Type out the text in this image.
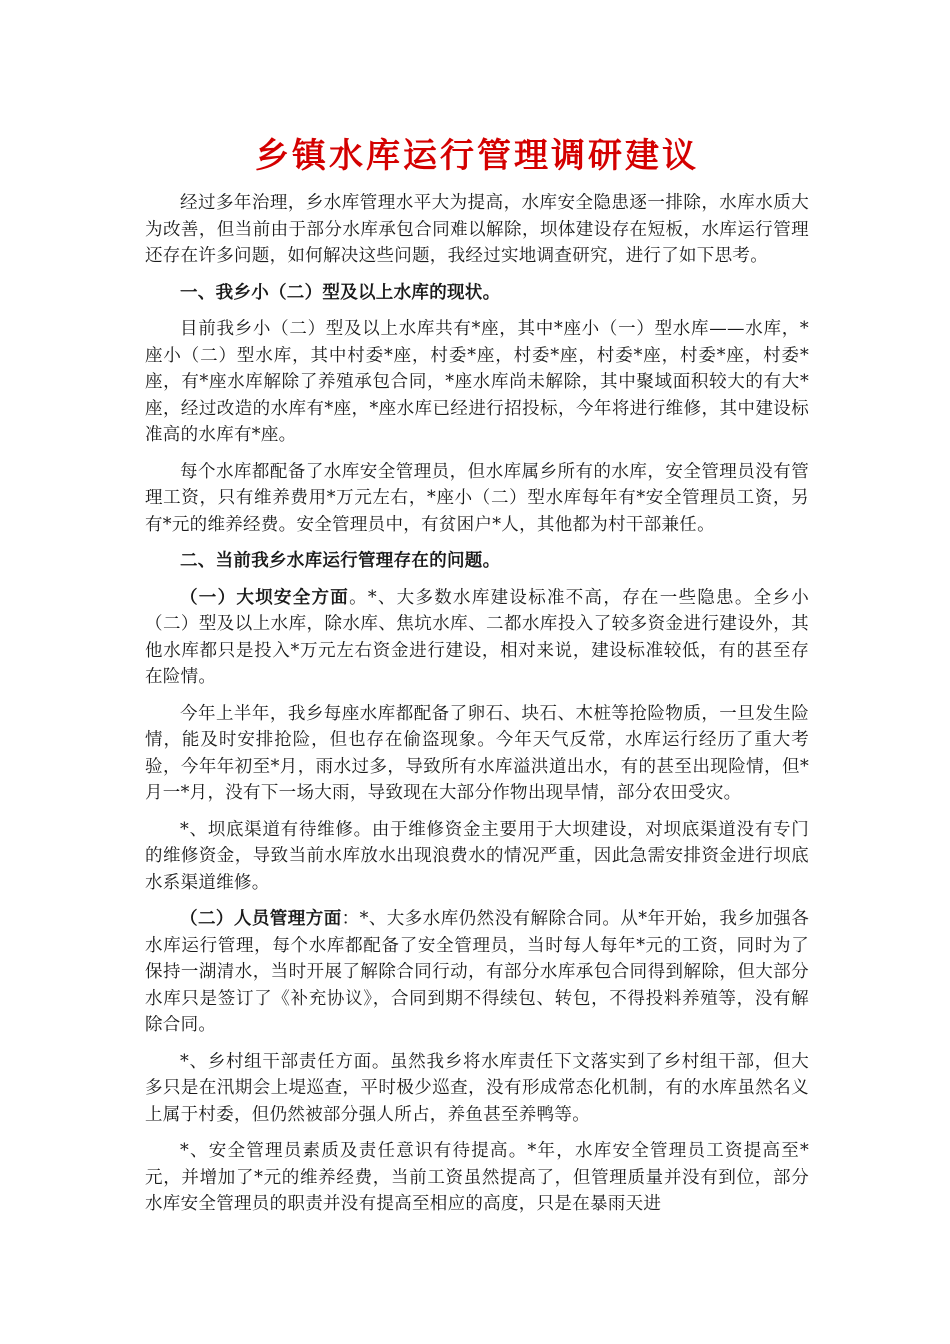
乡镇水库运行管理调研建议

经过多年治理，乡水库管理水平大为提高，水库安全隐患逐一排除，水库水质大为改善，但当前由于部分水库承包合同难以解除，坝体建设存在短板，水库运行管理还存在许多问题，如何解决这些问题，我经过实地调查研究，进行了如下思考。

一、我乡小（二）型及以上水库的现状。

目前我乡小（二）型及以上水库共有*座，其中*座小（一）型水库——水库，*座小（二）型水库，其中村委*座，村委*座，村委*座，村委*座，村委*座，村委*座，有*座水库解除了养殖承包合同，*座水库尚未解除，其中聚域面积较大的有大*座，经过改造的水库有*座，*座水库已经进行招投标，今年将进行维修，其中建设标准高的水库有*座。

每个水库都配备了水库安全管理员，但水库属乡所有的水库，安全管理员没有管理工资，只有维养费用*万元左右，*座小（二）型水库每年有*安全管理员工资，另有*元的维养经费。安全管理员中，有贫困户*人，其他都为村干部兼任。

二、当前我乡水库运行管理存在的问题。

（一）大坝安全方面。*、大多数水库建设标准不高，存在一些隐患。全乡小（二）型及以上水库，除水库、焦坑水库、二都水库投入了较多资金进行建设外，其他水库都只是投入*万元左右资金进行建设，相对来说，建设标准较低，有的甚至存在险情。

今年上半年，我乡每座水库都配备了卵石、块石、木桩等抢险物质，一旦发生险情，能及时安排抢险，但也存在偷盗现象。今年天气反常，水库运行经历了重大考验，今年年初至*月，雨水过多，导致所有水库溢洪道出水，有的甚至出现险情，但*月一*月，没有下一场大雨，导致现在大部分作物出现旱情，部分农田受灾。

*、坝底渠道有待维修。由于维修资金主要用于大坝建设，对坝底渠道没有专门的维修资金，导致当前水库放水出现浪费水的情况严重，因此急需安排资金进行坝底水系渠道维修。

（二）人员管理方面：*、大多水库仍然没有解除合同。从*年开始，我乡加强各水库运行管理，每个水库都配备了安全管理员，当时每人每年*元的工资，同时为了保持一湖清水，当时开展了解除合同行动，有部分水库承包合同得到解除，但大部分水库只是签订了《补充协议》，合同到期不得续包、转包，不得投料养殖等，没有解除合同。

*、乡村组干部责任方面。虽然我乡将水库责任下文落实到了乡村组干部，但大多只是在汛期会上堤巡查，平时极少巡查，没有形成常态化机制，有的水库虽然名义上属于村委，但仍然被部分强人所占，养鱼甚至养鸭等。

*、安全管理员素质及责任意识有待提高。*年，水库安全管理员工资提高至*元，并增加了*元的维养经费，当前工资虽然提高了，但管理质量并没有到位，部分水库安全管理员的职责并没有提高至相应的高度，只是在暴雨天进
